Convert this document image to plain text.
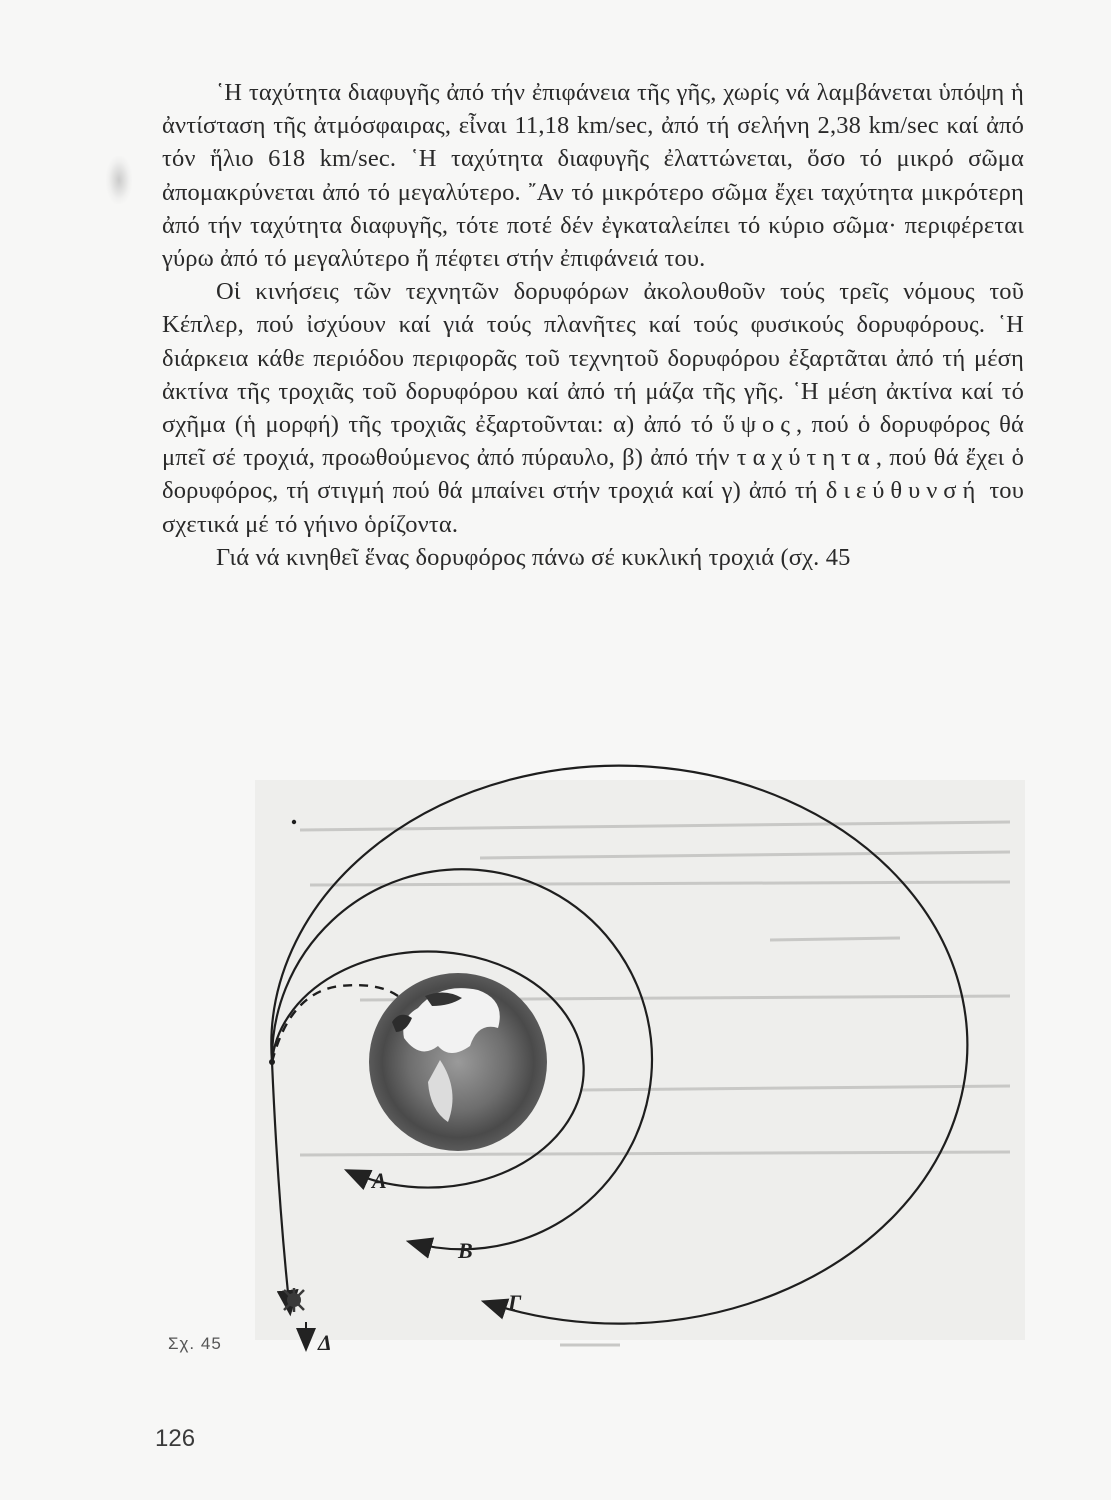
῾Η ταχύτητα διαφυγῆς ἀπό τήν ἐπιφάνεια τῆς γῆς, χωρίς νά λαμβάνεται ὑπόψη ἡ ἀντίσταση τῆς ἀτμόσφαιρας, εἶναι 11,18 km/sec, ἀπό τή σελήνη 2,38 km/sec καί ἀπό τόν ἥλιο 618 km/sec. ῾Η ταχύτητα διαφυγῆς ἐλαττώνεται, ὅσο τό μικρό σῶμα ἀπομακρύνεται ἀπό τό μεγαλύτερο. ῎Αν τό μικρότερο σῶμα ἔχει ταχύτητα μικρότερη ἀπό τήν ταχύτητα διαφυγῆς, τότε ποτέ δέν ἐγκαταλείπει τό κύριο σῶμα· περιφέρεται γύρω ἀπό τό μεγαλύτερο ἤ πέφτει στήν ἐπιφάνειά του.

Οἱ κινήσεις τῶν τεχνητῶν δορυφόρων ἀκολουθοῦν τούς τρεῖς νόμους τοῦ Κέπλερ, πού ἰσχύουν καί γιά τούς πλανῆτες καί τούς φυσικούς δορυφόρους. ῾Η διάρκεια κάθε περιόδου περιφορᾶς τοῦ τεχνητοῦ δορυφόρου ἐξαρτᾶται ἀπό τή μέση ἀκτίνα τῆς τροχιᾶς τοῦ δορυφόρου καί ἀπό τή μάζα τῆς γῆς. ῾Η μέση ἀκτίνα καί τό σχῆμα (ἡ μορφή) τῆς τροχιᾶς ἐξαρτοῦνται: α) ἀπό τό ὕψος, πού ὁ δορυφόρος θά μπεῖ σέ τροχιά, προωθούμενος ἀπό πύραυλο, β) ἀπό τήν ταχύτητα, πού θά ἔχει ὁ δορυφόρος, τή στιγμή πού θά μπαίνει στήν τροχιά καί γ) ἀπό τή διεύθυνσή του σχετικά μέ τό γήινο ὁρίζοντα.

Γιά νά κινηθεῖ ἕνας δορυφόρος πάνω σέ κυκλική τροχιά (σχ. 45

A
B
Γ
Δ
Σχ. 45
126
